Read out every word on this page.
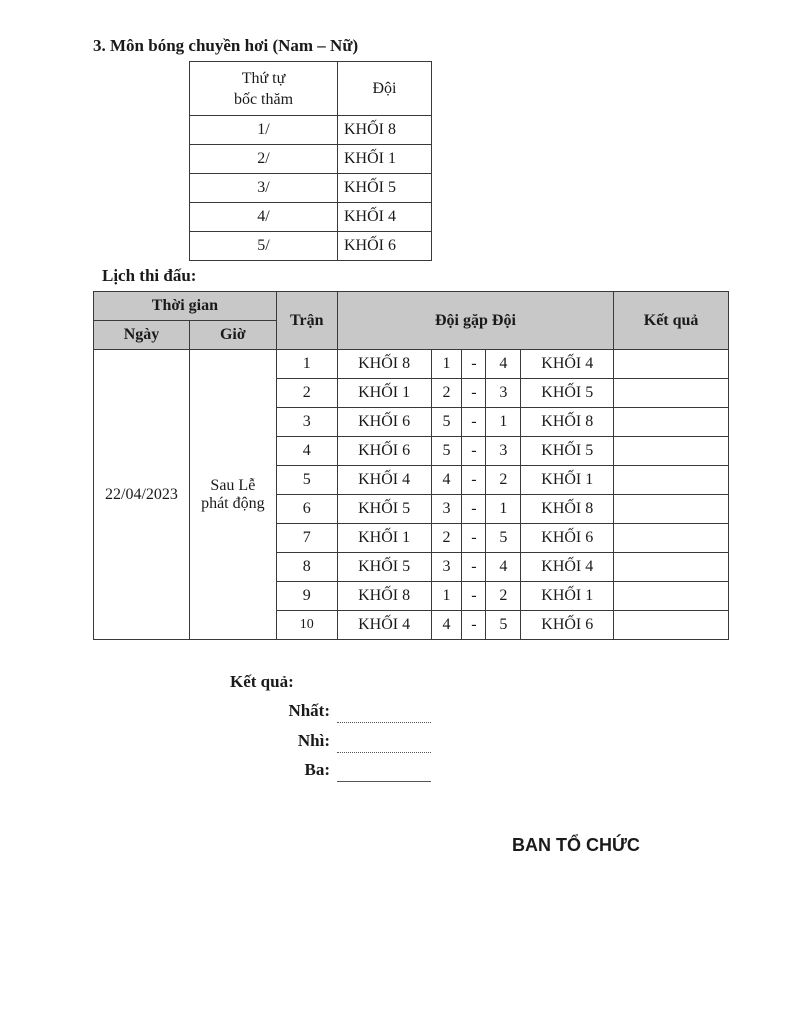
3. Môn bóng chuyền hơi (Nam – Nữ)
Thứ tự
bốc thăm	Đội
1/	KHỐI 8
2/	KHỐI 1
3/	KHỐI 5
4/	KHỐI 4
5/	KHỐI 6
Lịch thi đấu:
Thời gian		Trận	Đội gặp Đội					Kết quả
Ngày	Giờ							
22/04/2023	Sau Lễ
phát động	1	KHỐI 8	1	-	4	KHỐI 4	
		2	KHỐI 1	2	-	3	KHỐI 5	
		3	KHỐI 6	5	-	1	KHỐI 8	
		4	KHỐI 6	5	-	3	KHỐI 5	
		5	KHỐI 4	4	-	2	KHỐI 1	
		6	KHỐI 5	3	-	1	KHỐI 8	
		7	KHỐI 1	2	-	5	KHỐI 6	
		8	KHỐI 5	3	-	4	KHỐI 4	
		9	KHỐI 8	1	-	2	KHỐI 1	
		10	KHỐI 4	4	-	5	KHỐI 6	
Kết quả:
Nhất:
Nhì:
Ba:
BAN TỔ CHỨC
